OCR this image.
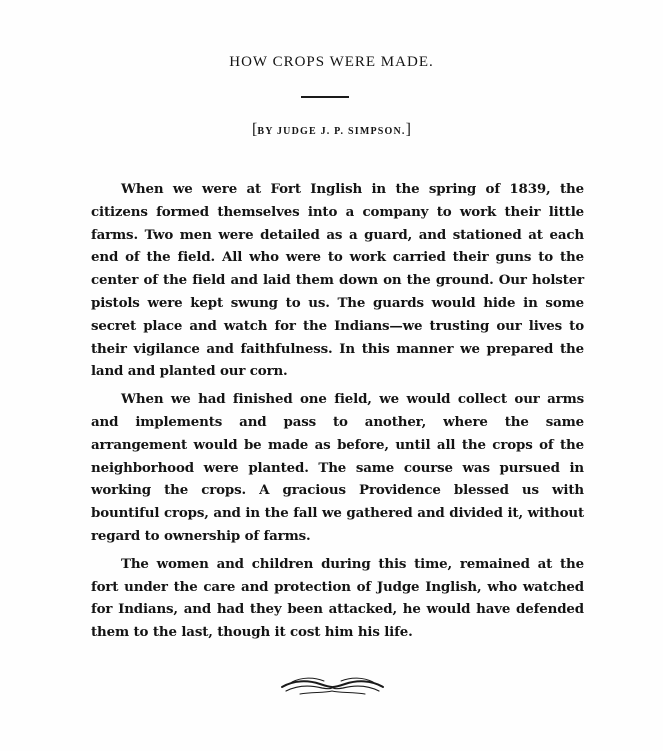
HOW CROPS WERE MADE.
[BY JUDGE J. P. SIMPSON.]

When we were at Fort Inglish in the spring of 1839, the citizens formed themselves into a company to work their little farms. Two men were detailed as a guard, and stationed at each end of the field. All who were to work carried their guns to the center of the field and laid them down on the ground. Our holster pistols were kept swung to us. The guards would hide in some secret place and watch for the Indians—we trusting our lives to their vigilance and faithfulness. In this manner we prepared the land and planted our corn.

When we had finished one field, we would collect our arms and implements and pass to another, where the same arrangement would be made as before, until all the crops of the neighborhood were planted. The same course was pursued in working the crops. A gracious Providence blessed us with bountiful crops, and in the fall we gathered and divided it, without regard to ownership of farms.

The women and children during this time, remained at the fort under the care and protection of Judge Inglish, who watched for Indians, and had they been attacked, he would have defended them to the last, though it cost him his life.
